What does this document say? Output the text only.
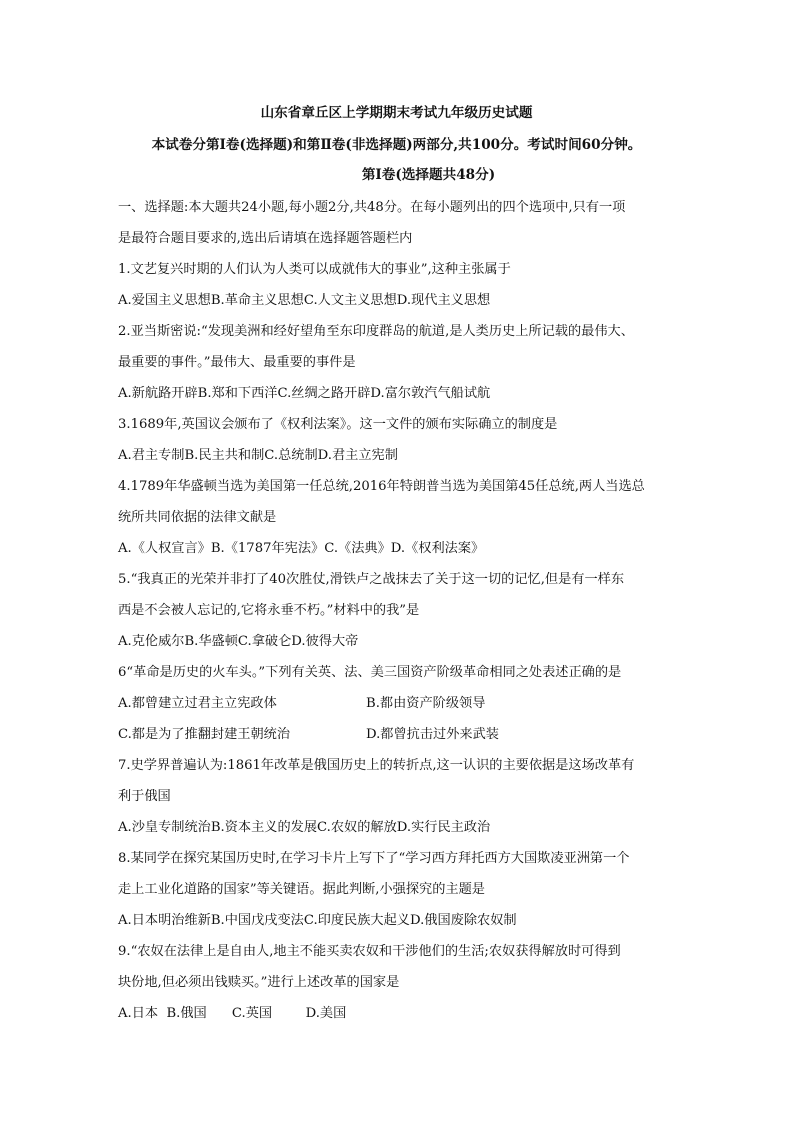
山东省章丘区上学期期末考试九年级历史试题
本试卷分第Ⅰ卷(选择题)和第Ⅱ卷(非选择题)两部分,共100分。考试时间60分钟。
第Ⅰ卷(选择题共48分)
一、选择题:本大题共24小题,每小题2分,共48分。在每小题列出的四个选项中,只有一项
是最符合题目要求的,选出后请填在选择题答题栏内
1.文艺复兴时期的人们认为人类可以成就伟大的事业”,这种主张属于
A.爱国主义思想B.革命主义思想C.人文主义思想D.现代主义思想
2.亚当斯密说:“发现美洲和经好望角至东印度群岛的航道,是人类历史上所记载的最伟大、
最重要的事件。”最伟大、最重要的事件是
A.新航路开辟B.郑和下西洋C.丝绸之路开辟D.富尔敦汽气船试航
3.1689年,英国议会颁布了《权利法案》。这一文件的颁布实际确立的制度是
A.君主专制B.民主共和制C.总统制D.君主立宪制
4.1789年华盛顿当选为美国第一任总统,2016年特朗普当选为美国第45任总统,两人当选总
统所共同依据的法律文献是
A.《人权宣言》B.《1787年宪法》C.《法典》D.《权利法案》
5.“我真正的光荣并非打了40次胜仗,滑铁卢之战抹去了关于这一切的记忆,但是有一样东
西是不会被人忘记的,它将永垂不朽。”材料中的我”是
A.克伦威尔B.华盛顿C.拿破仑D.彼得大帝
6“革命是历史的火车头。”下列有关英、法、美三国资产阶级革命相同之处表述正确的是
A.都曾建立过君主立宪政体	B.都由资产阶级领导
C.都是为了推翻封建王朝统治	D.都曾抗击过外来武装
7.史学界普遍认为:1861年改革是俄国历史上的转折点,这一认识的主要依据是这场改革有
利于俄国
A.沙皇专制统治B.资本主义的发展C.农奴的解放D.实行民主政治
8.某同学在探究某国历史时,在学习卡片上写下了“学习西方拜托西方大国欺凌亚洲第一个
走上工业化道路的国家”等关键语。据此判断,小强探究的主题是
A.日本明治维新B.中国戊戌变法C.印度民族大起义D.俄国废除农奴制
9.“农奴在法律上是自由人,地主不能买卖农奴和干涉他们的生活;农奴获得解放时可得到
块份地,但必须出钱赎买。”进行上述改革的国家是
A.日本  B.俄国      C.英国        D.美国
